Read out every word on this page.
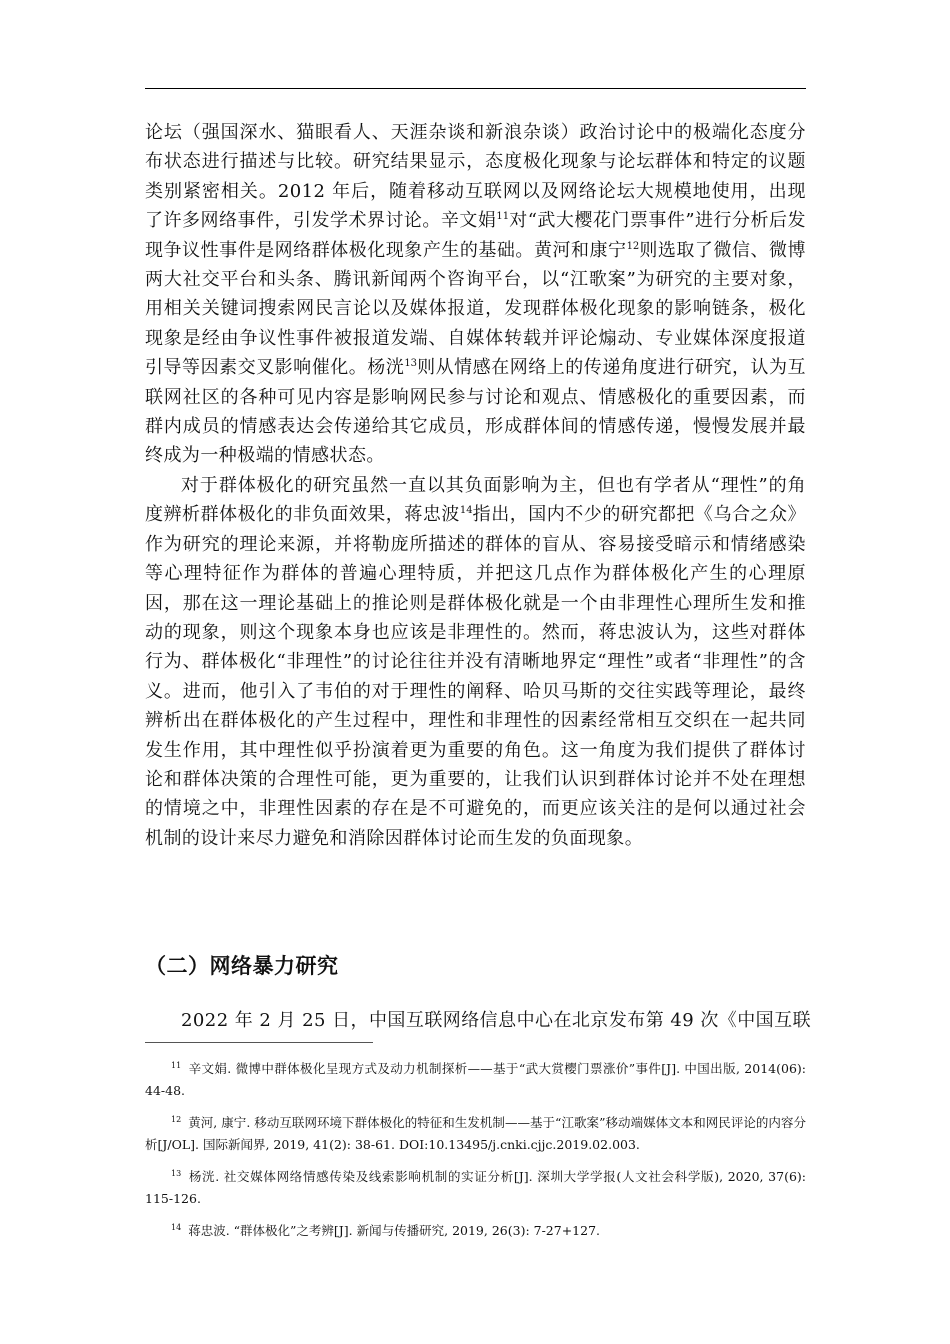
论坛（强国深水、猫眼看人、天涯杂谈和新浪杂谈）政治讨论中的极端化态度分布状态进行描述与比较。研究结果显示，态度极化现象与论坛群体和特定的议题类别紧密相关。2012 年后，随着移动互联网以及网络论坛大规模地使用，出现了许多网络事件，引发学术界讨论。辛文娟$^{11}$对“武大樱花门票事件”进行分析后发现争议性事件是网络群体极化现象产生的基础。黄河和康宁$^{12}$则选取了微信、微博两大社交平台和头条、腾讯新闻两个咨询平台，以“江歌案”为研究的主要对象，用相关关键词搜索网民言论以及媒体报道，发现群体极化现象的影响链条，极化现象是经由争议性事件被报道发端、自媒体转载并评论煽动、专业媒体深度报道引导等因素交叉影响催化。杨洸$^{13}$则从情感在网络上的传递角度进行研究，认为互联网社区的各种可见内容是影响网民参与讨论和观点、情感极化的重要因素，而群内成员的情感表达会传递给其它成员，形成群体间的情感传递，慢慢发展并最终成为一种极端的情感状态。

对于群体极化的研究虽然一直以其负面影响为主，但也有学者从“理性”的角度辨析群体极化的非负面效果，蒋忠波$^{14}$指出，国内不少的研究都把《乌合之众》作为研究的理论来源，并将勒庞所描述的群体的盲从、容易接受暗示和情绪感染等心理特征作为群体的普遍心理特质，并把这几点作为群体极化产生的心理原因，那在这一理论基础上的推论则是群体极化就是一个由非理性心理所生发和推动的现象，则这个现象本身也应该是非理性的。然而，蒋忠波认为，这些对群体行为、群体极化“非理性”的讨论往往并没有清晰地界定“理性”或者“非理性”的含义。进而，他引入了韦伯的对于理性的阐释、哈贝马斯的交往实践等理论，最终辨析出在群体极化的产生过程中，理性和非理性的因素经常相互交织在一起共同发生作用，其中理性似乎扮演着更为重要的角色。这一角度为我们提供了群体讨论和群体决策的合理性可能，更为重要的，让我们认识到群体讨论并不处在理想的情境之中，非理性因素的存在是不可避免的，而更应该关注的是何以通过社会机制的设计来尽力避免和消除因群体讨论而生发的负面现象。

（二）网络暴力研究
2022 年 2 月 25 日，中国互联网络信息中心在北京发布第 49 次《中国互联

$^{11}$ 辛文娟. 微博中群体极化呈现方式及动力机制探析——基于“武大赏樱门票涨价”事件[J]. 中国出版, 2014(06): 44-48.

$^{12}$ 黄河, 康宁. 移动互联网环境下群体极化的特征和生发机制——基于“江歌案”移动端媒体文本和网民评论的内容分析[J/OL]. 国际新闻界, 2019, 41(2): 38-61. DOI:10.13495/j.cnki.cjjc.2019.02.003.

$^{13}$ 杨洸. 社交媒体网络情感传染及线索影响机制的实证分析[J]. 深圳大学学报(人文社会科学版), 2020, 37(6): 115-126.

$^{14}$ 蒋忠波. “群体极化”之考辨[J]. 新闻与传播研究, 2019, 26(3): 7-27+127.
